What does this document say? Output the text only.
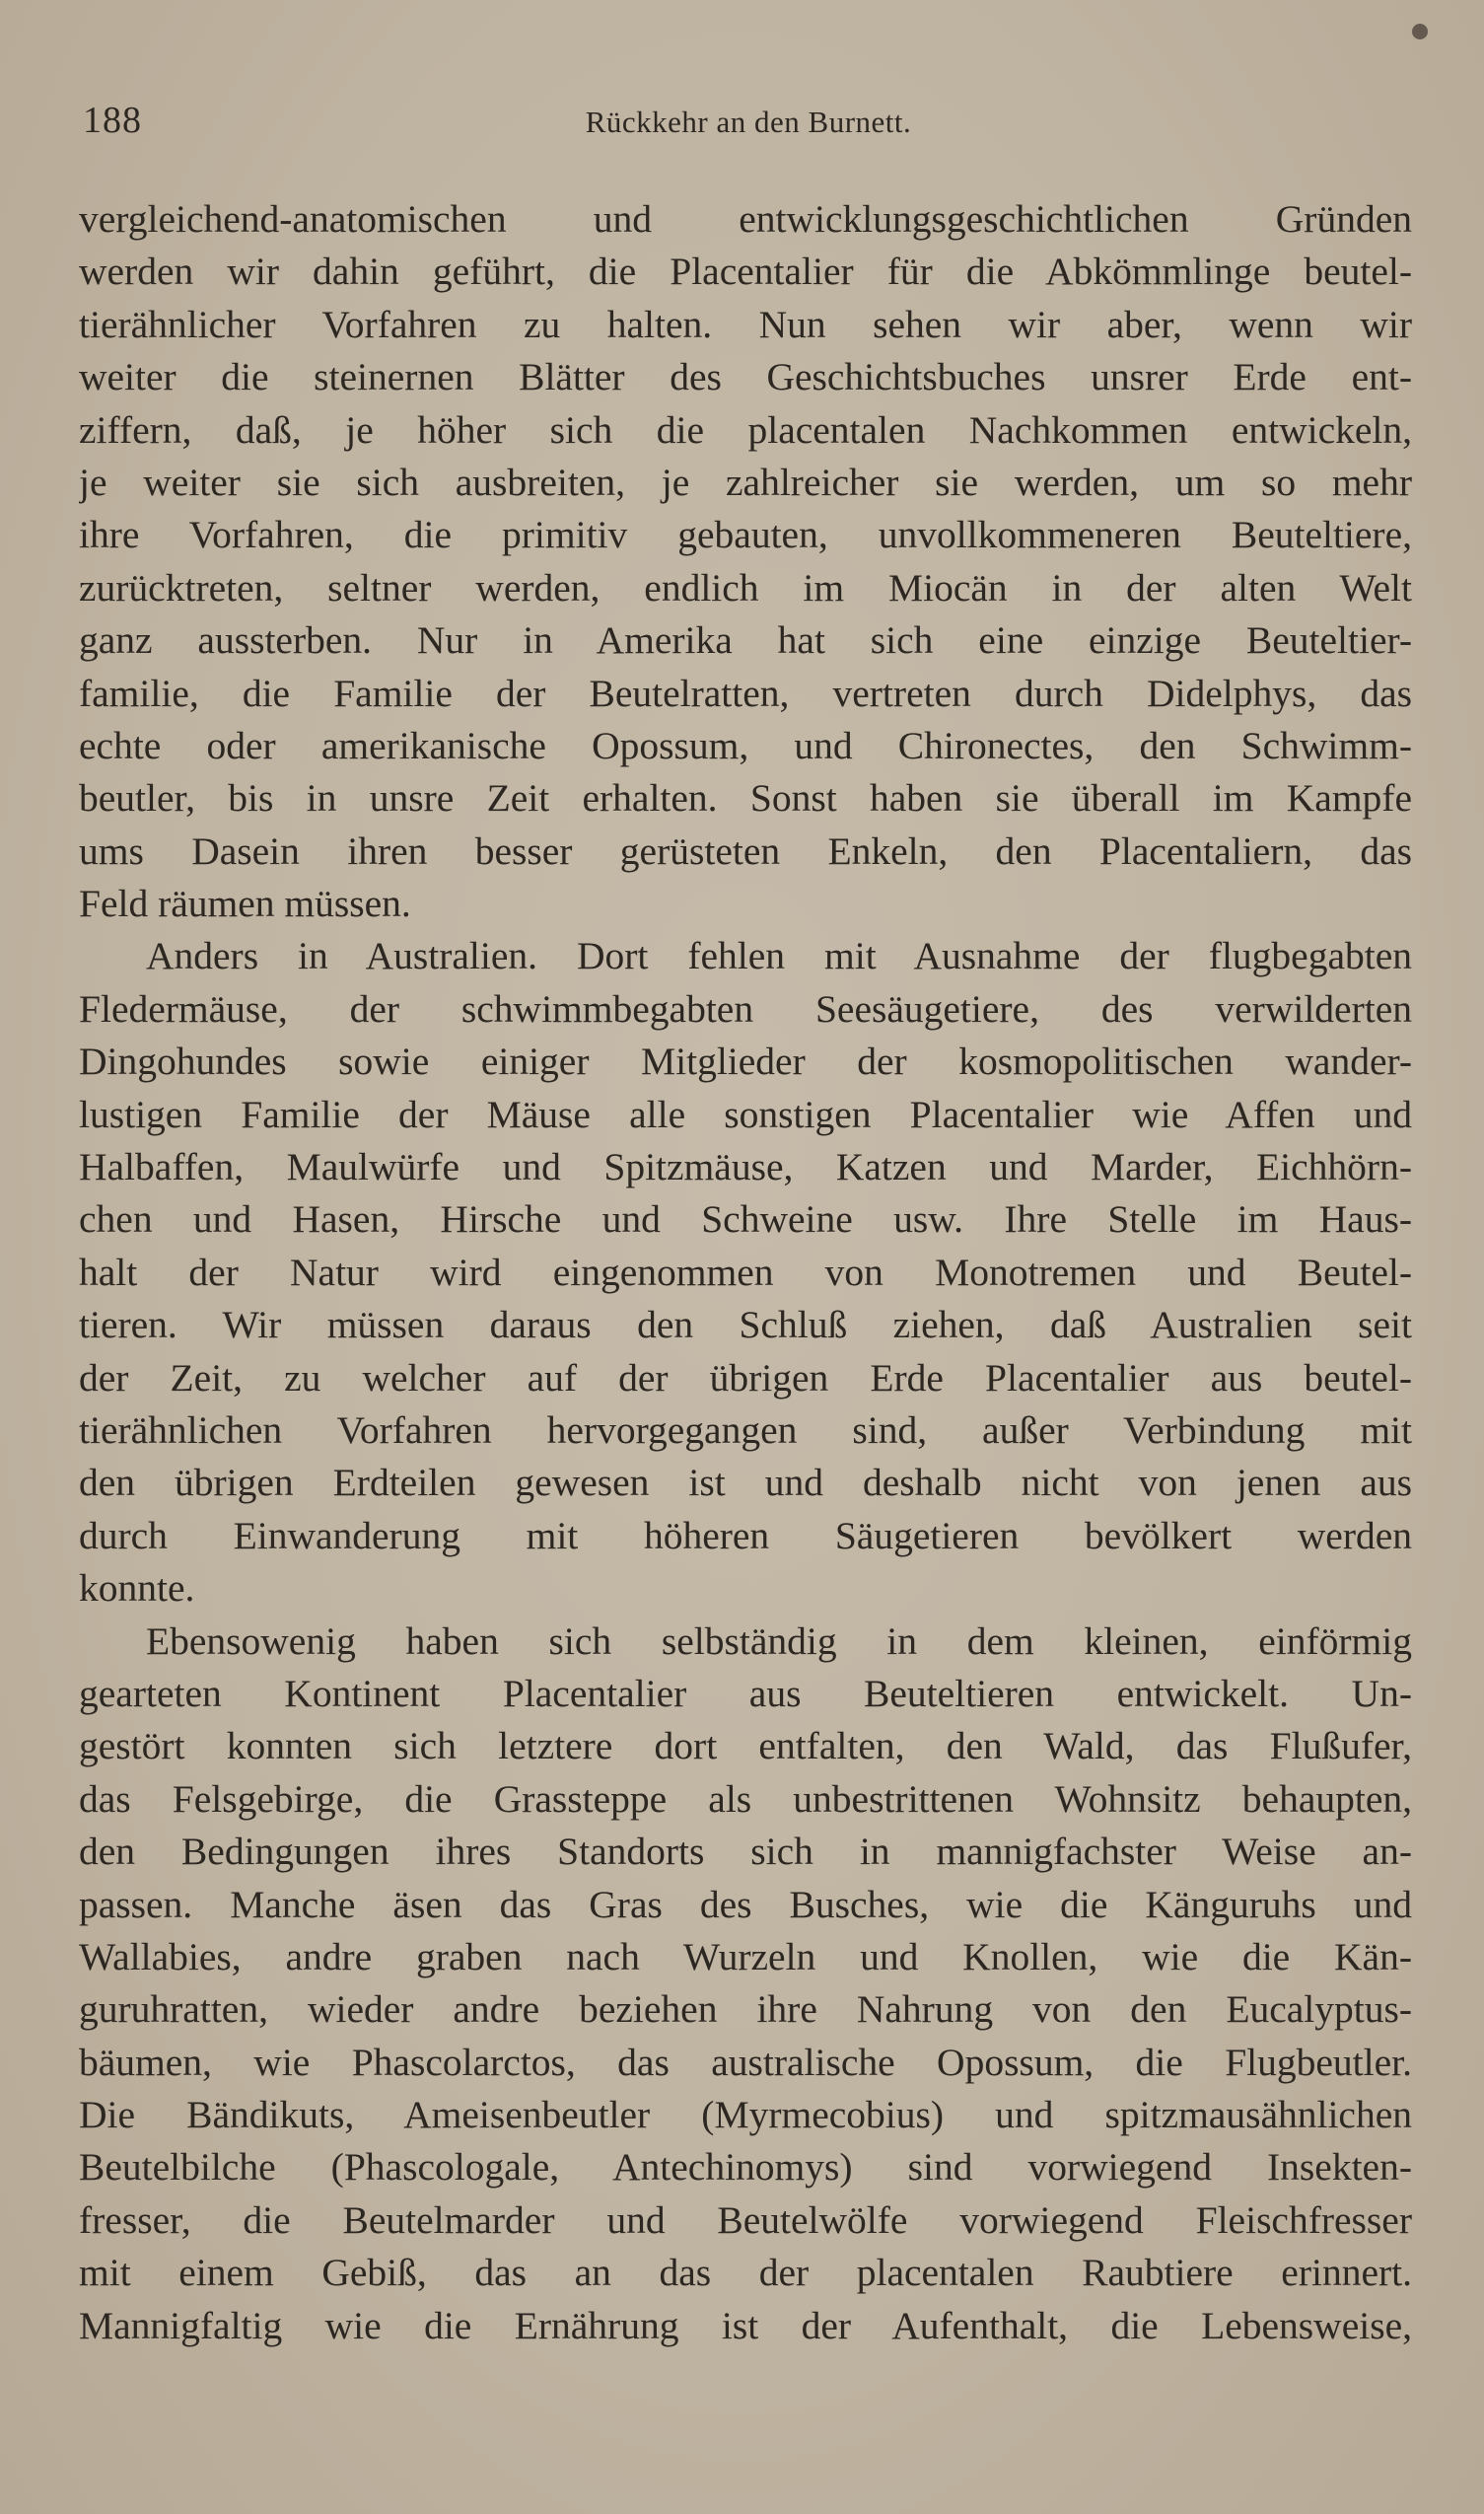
188	Rückkehr an den Burnett.
vergleichend-anatomischen und entwicklungsgeschichtlichen Gründen
werden wir dahin geführt, die Placentalier für die Abkömmlinge beutel-
tierähnlicher Vorfahren zu halten. Nun sehen wir aber, wenn wir
weiter die steinernen Blätter des Geschichtsbuches unsrer Erde ent-
ziffern, daß, je höher sich die placentalen Nachkommen entwickeln,
je weiter sie sich ausbreiten, je zahlreicher sie werden, um so mehr
ihre Vorfahren, die primitiv gebauten, unvollkommeneren Beuteltiere,
zurücktreten, seltner werden, endlich im Miocän in der alten Welt
ganz aussterben. Nur in Amerika hat sich eine einzige Beuteltier-
familie, die Familie der Beutelratten, vertreten durch Didelphys, das
echte oder amerikanische Opossum, und Chironectes, den Schwimm-
beutler, bis in unsre Zeit erhalten. Sonst haben sie überall im Kampfe
ums Dasein ihren besser gerüsteten Enkeln, den Placentaliern, das
Feld räumen müssen.
Anders in Australien. Dort fehlen mit Ausnahme der flugbegabten
Fledermäuse, der schwimmbegabten Seesäugetiere, des verwilderten
Dingohundes sowie einiger Mitglieder der kosmopolitischen wander-
lustigen Familie der Mäuse alle sonstigen Placentalier wie Affen und
Halbaffen, Maulwürfe und Spitzmäuse, Katzen und Marder, Eichhörn-
chen und Hasen, Hirsche und Schweine usw. Ihre Stelle im Haus-
halt der Natur wird eingenommen von Monotremen und Beutel-
tieren. Wir müssen daraus den Schluß ziehen, daß Australien seit
der Zeit, zu welcher auf der übrigen Erde Placentalier aus beutel-
tierähnlichen Vorfahren hervorgegangen sind, außer Verbindung mit
den übrigen Erdteilen gewesen ist und deshalb nicht von jenen aus
durch Einwanderung mit höheren Säugetieren bevölkert werden
konnte.
Ebensowenig haben sich selbständig in dem kleinen, einförmig
gearteten Kontinent Placentalier aus Beuteltieren entwickelt. Un-
gestört konnten sich letztere dort entfalten, den Wald, das Flußufer,
das Felsgebirge, die Grassteppe als unbestrittenen Wohnsitz behaupten,
den Bedingungen ihres Standorts sich in mannigfachster Weise an-
passen. Manche äsen das Gras des Busches, wie die Känguruhs und
Wallabies, andre graben nach Wurzeln und Knollen, wie die Kän-
guruhratten, wieder andre beziehen ihre Nahrung von den Eucalyptus-
bäumen, wie Phascolarctos, das australische Opossum, die Flugbeutler.
Die Bändikuts, Ameisenbeutler (Myrmecobius) und spitzmausähnlichen
Beutelbilche (Phascologale, Antechinomys) sind vorwiegend Insekten-
fresser, die Beutelmarder und Beutelwölfe vorwiegend Fleischfresser
mit einem Gebiß, das an das der placentalen Raubtiere erinnert.
Mannigfaltig wie die Ernährung ist der Aufenthalt, die Lebensweise,
